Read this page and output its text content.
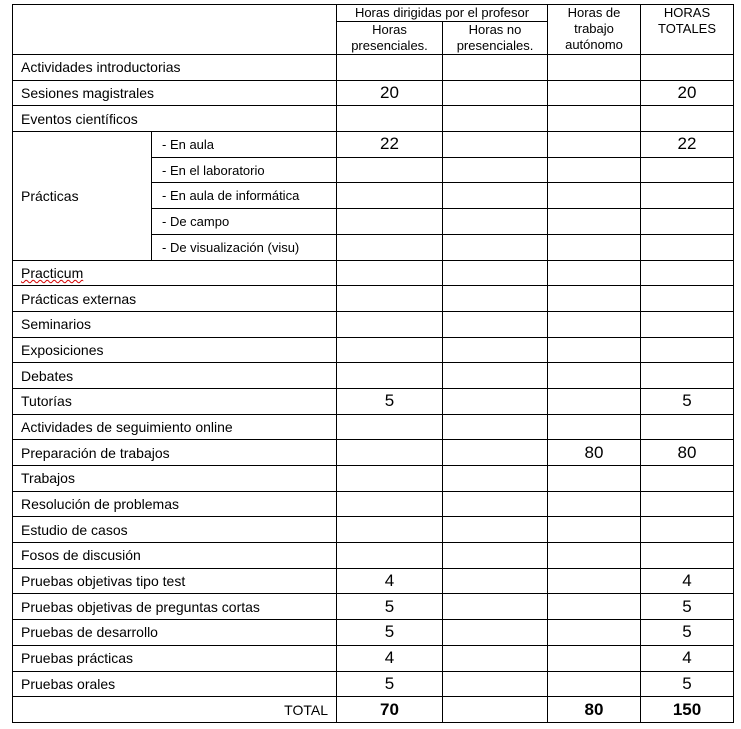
		Horas dirigidas por el profesor		Horas de trabajo autónomo	HORAS TOTALES
		Horas presenciales.	Horas no presenciales.		
Actividades introductorias					
Sesiones magistrales		20			20
Eventos científicos					
Prácticas	- En aula	22			22
	- En el laboratorio				
	- En aula de informática				
	- De campo				
	- De visualización (visu)				
Practicum					
Prácticas externas					
Seminarios					
Exposiciones					
Debates					
Tutorías		5			5
Actividades de seguimiento online					
Preparación de trabajos				80	80
Trabajos					
Resolución de problemas					
Estudio de casos					
Fosos de discusión					
Pruebas objetivas tipo test		4			4
Pruebas objetivas de preguntas cortas		5			5
Pruebas de desarrollo		5			5
Pruebas prácticas		4			4
Pruebas orales		5			5
TOTAL		70		80	150
